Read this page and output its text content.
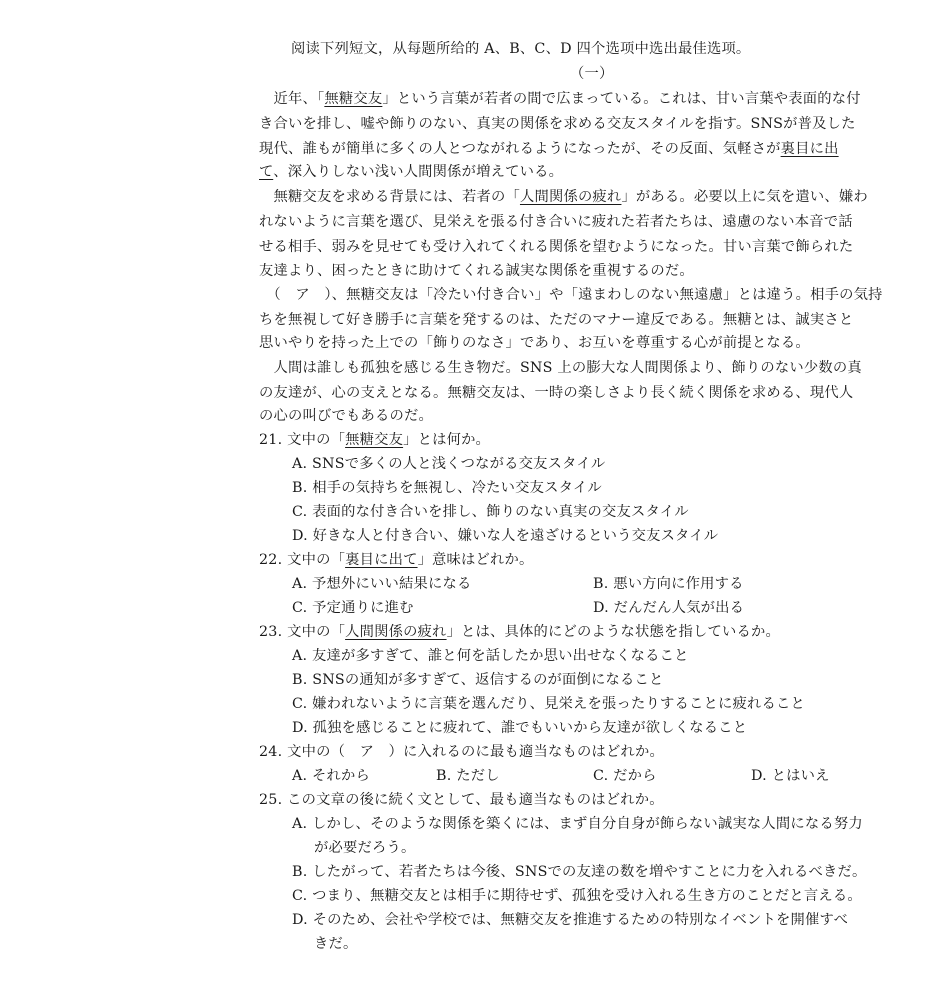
阅读下列短文，从每题所给的 A、B、C、D 四个选项中选出最佳选项。
（一）
　近年、「無糖交友」という言葉が若者の間で広まっている。これは、甘い言葉や表面的な付
き合いを排し、嘘や飾りのない、真実の関係を求める交友スタイルを指す。SNSが普及した
現代、誰もが簡単に多くの人とつながれるようになったが、その反面、気軽さが裏目に出
て、深入りしない浅い人間関係が増えている。
　無糖交友を求める背景には、若者の「人間関係の疲れ」がある。必要以上に気を遣い、嫌わ
れないように言葉を選び、見栄えを張る付き合いに疲れた若者たちは、遠慮のない本音で話
せる相手、弱みを見せても受け入れてくれる関係を望むようになった。甘い言葉で飾られた
友達より、困ったときに助けてくれる誠実な関係を重視するのだ。
　（　ア　）、無糖交友は「冷たい付き合い」や「遠まわしのない無遠慮」とは違う。相手の気持
ちを無視して好き勝手に言葉を発するのは、ただのマナー違反である。無糖とは、誠実さと
思いやりを持った上での「飾りのなさ」であり、お互いを尊重する心が前提となる。
　人間は誰しも孤独を感じる生き物だ。SNS 上の膨大な人間関係より、飾りのない少数の真
の友達が、心の支えとなる。無糖交友は、一時の楽しさより長く続く関係を求める、現代人
の心の叫びでもあるのだ。
21. 文中の「無糖交友」とは何か。
A. SNSで多くの人と浅くつながる交友スタイル
B. 相手の気持ちを無視し、冷たい交友スタイル
C. 表面的な付き合いを排し、飾りのない真実の交友スタイル
D. 好きな人と付き合い、嫌いな人を遠ざけるという交友スタイル
22. 文中の「裏目に出て」意味はどれか。
A. 予想外にいい結果になる	B. 悪い方向に作用する
C. 予定通りに進む	D. だんだん人気が出る
23. 文中の「人間関係の疲れ」とは、具体的にどのような状態を指しているか。
A. 友達が多すぎて、誰と何を話したか思い出せなくなること
B. SNSの通知が多すぎて、返信するのが面倒になること
C. 嫌われないように言葉を選んだり、見栄えを張ったりすることに疲れること
D. 孤独を感じることに疲れて、誰でもいいから友達が欲しくなること
24. 文中の（　ア　）に入れるのに最も適当なものはどれか。
A. それから	B. ただし	C. だから	D. とはいえ
25. この文章の後に続く文として、最も適当なものはどれか。
A. しかし、そのような関係を築くには、まず自分自身が飾らない誠実な人間になる努力
が必要だろう。
B. したがって、若者たちは今後、SNSでの友達の数を増やすことに力を入れるべきだ。
C. つまり、無糖交友とは相手に期待せず、孤独を受け入れる生き方のことだと言える。
D. そのため、会社や学校では、無糖交友を推進するための特別なイベントを開催すべ
きだ。
